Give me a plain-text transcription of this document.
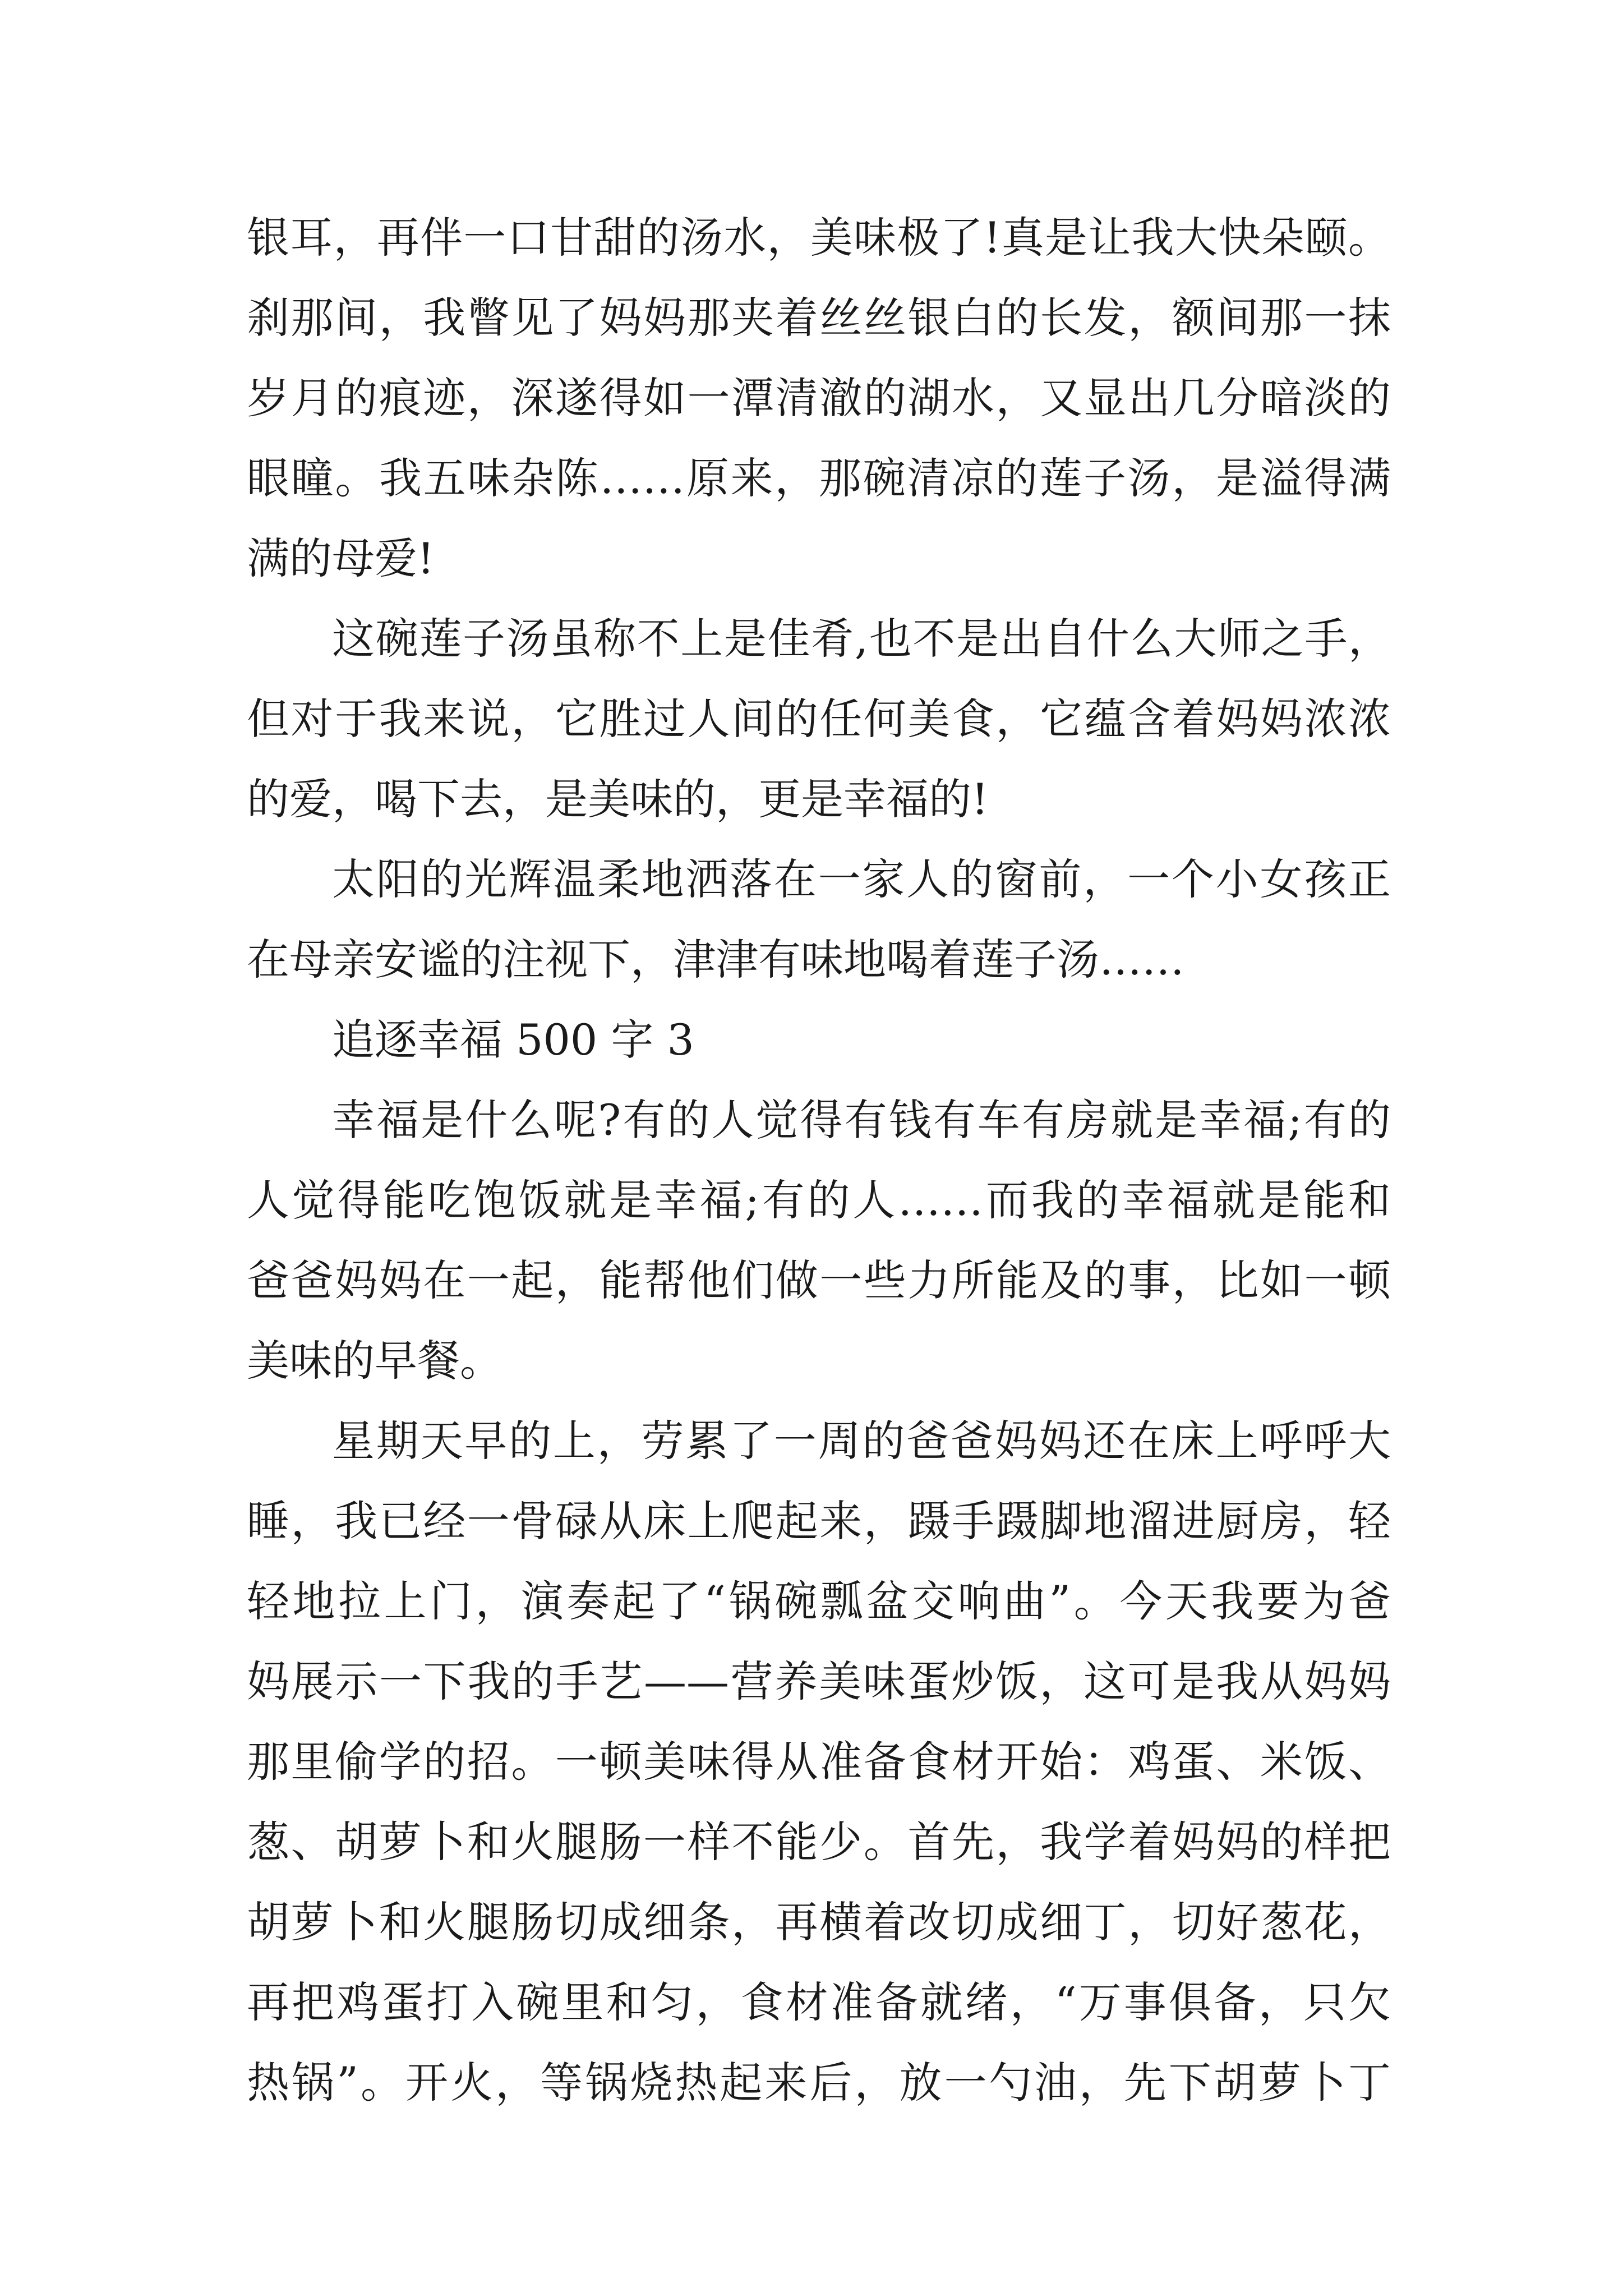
银耳，再伴一口甘甜的汤水，美味极了!真是让我大快朵颐。
刹那间，我瞥见了妈妈那夹着丝丝银白的长发，额间那一抹
岁月的痕迹，深遂得如一潭清澈的湖水，又显出几分暗淡的
眼瞳。我五味杂陈……原来，那碗清凉的莲子汤，是溢得满
满的母爱!
这碗莲子汤虽称不上是佳肴,也不是出自什么大师之手，
但对于我来说，它胜过人间的任何美食，它蕴含着妈妈浓浓
的爱，喝下去，是美味的，更是幸福的!
太阳的光辉温柔地洒落在一家人的窗前，一个小女孩正
在母亲安谧的注视下，津津有味地喝着莲子汤……
追逐幸福 500 字 3
幸福是什么呢?有的人觉得有钱有车有房就是幸福;有的
人觉得能吃饱饭就是幸福;有的人……而我的幸福就是能和
爸爸妈妈在一起，能帮他们做一些力所能及的事，比如一顿
美味的早餐。
星期天早的上，劳累了一周的爸爸妈妈还在床上呼呼大
睡，我已经一骨碌从床上爬起来，蹑手蹑脚地溜进厨房，轻
轻地拉上门，演奏起了“锅碗瓢盆交响曲”。今天我要为爸
妈展示一下我的手艺——营养美味蛋炒饭，这可是我从妈妈
那里偷学的招。一顿美味得从准备食材开始：鸡蛋、米饭、
葱、胡萝卜和火腿肠一样不能少。首先，我学着妈妈的样把
胡萝卜和火腿肠切成细条，再横着改切成细丁，切好葱花，
再把鸡蛋打入碗里和匀，食材准备就绪，“万事俱备，只欠
热锅”。开火，等锅烧热起来后，放一勺油，先下胡萝卜丁
